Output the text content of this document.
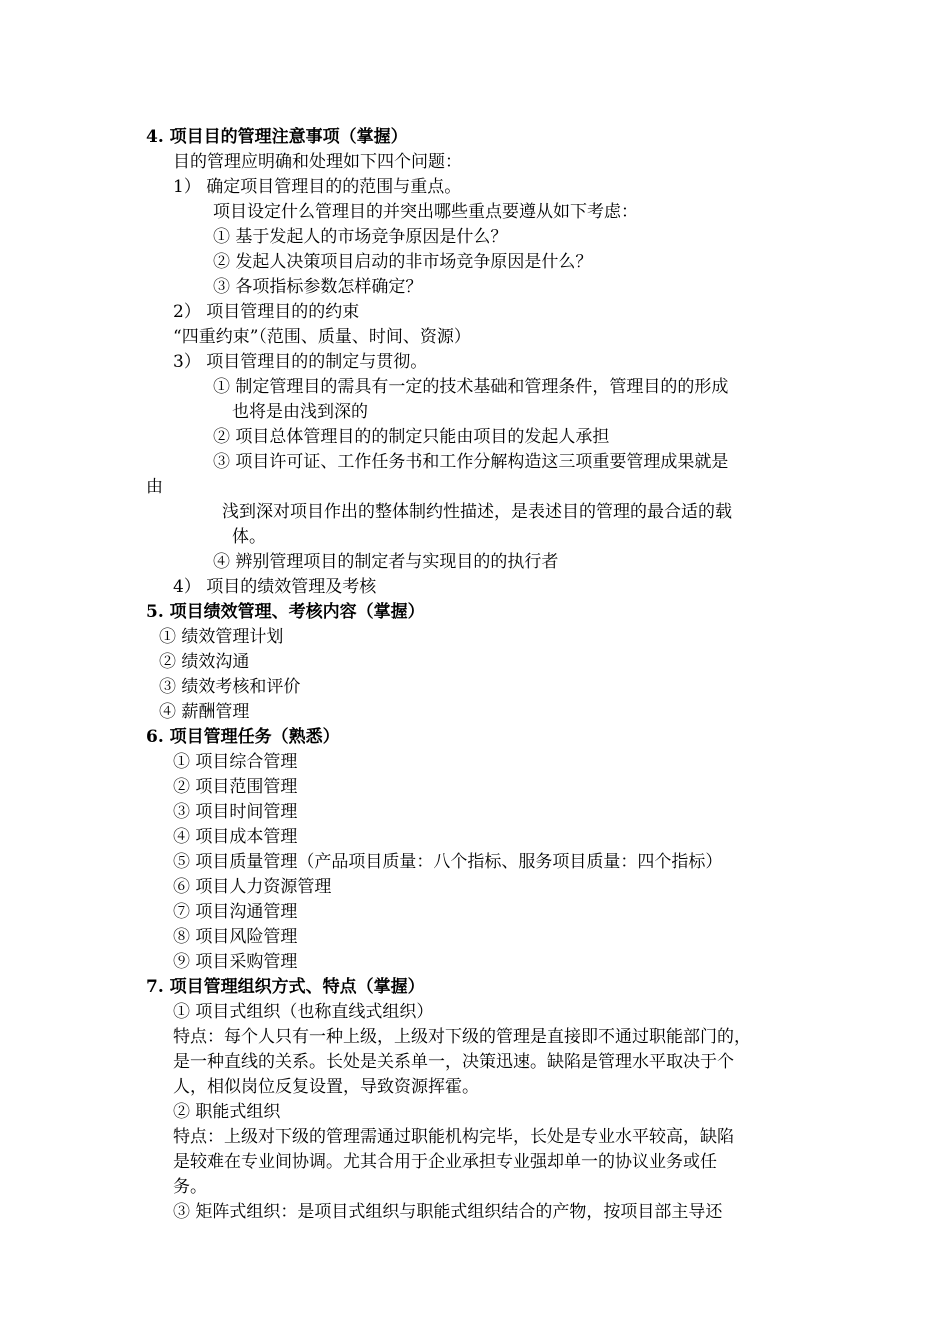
4. 项目目的管理注意事项（掌握）
目的管理应明确和处理如下四个问题：
1） 确定项目管理目的的范围与重点。
项目设定什么管理目的并突出哪些重点要遵从如下考虑：
① 基于发起人的市场竞争原因是什么？
② 发起人决策项目启动的非市场竞争原因是什么？
③ 各项指标参数怎样确定？
2） 项目管理目的的约束
“四重约束”（范围、质量、时间、资源）
3） 项目管理目的的制定与贯彻。
① 制定管理目的需具有一定的技术基础和管理条件，管理目的的形成
也将是由浅到深的
② 项目总体管理目的的制定只能由项目的发起人承担
③ 项目许可证、工作任务书和工作分解构造这三项重要管理成果就是
由
浅到深对项目作出的整体制约性描述，是表述目的管理的最合适的载
体。
④ 辨别管理项目的制定者与实现目的的执行者
4） 项目的绩效管理及考核
5. 项目绩效管理、考核内容（掌握）
① 绩效管理计划
② 绩效沟通
③ 绩效考核和评价
④ 薪酬管理
6. 项目管理任务（熟悉）
① 项目综合管理
② 项目范围管理
③ 项目时间管理
④ 项目成本管理
⑤ 项目质量管理（产品项目质量：八个指标、服务项目质量：四个指标）
⑥ 项目人力资源管理
⑦ 项目沟通管理
⑧ 项目风险管理
⑨ 项目采购管理
7. 项目管理组织方式、特点（掌握）
① 项目式组织（也称直线式组织）
特点：每个人只有一种上级，上级对下级的管理是直接即不通过职能部门的，
是一种直线的关系。长处是关系单一，决策迅速。缺陷是管理水平取决于个
人，相似岗位反复设置，导致资源挥霍。
② 职能式组织
特点：上级对下级的管理需通过职能机构完毕，长处是专业水平较高，缺陷
是较难在专业间协调。尤其合用于企业承担专业强却单一的协议业务或任
务。
③ 矩阵式组织：是项目式组织与职能式组织结合的产物，按项目部主导还
